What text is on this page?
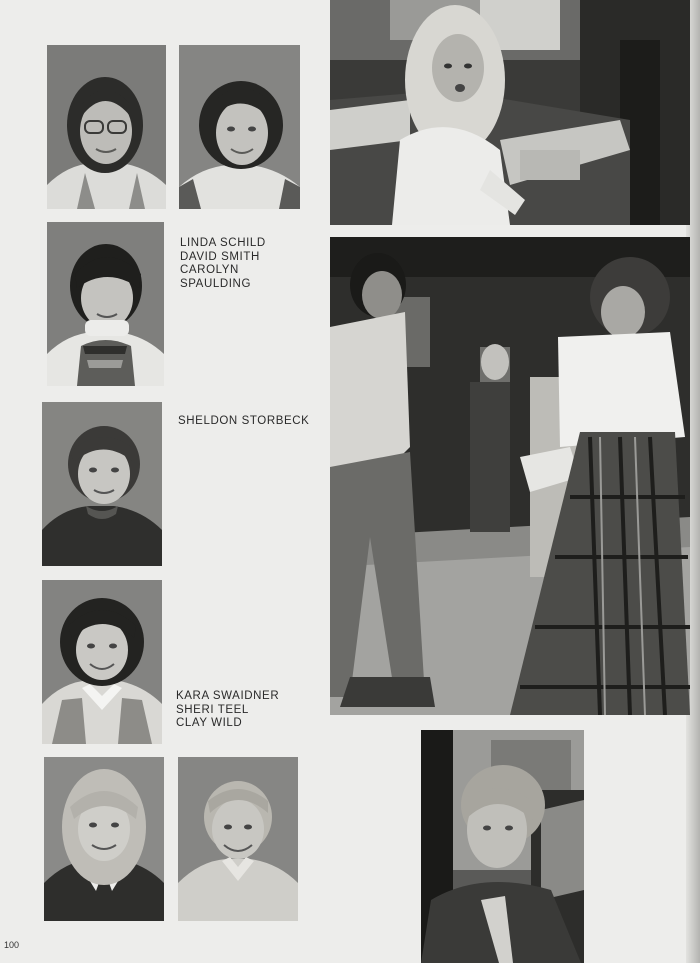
LINDA SCHILD
DAVID SMITH
CAROLYN
SPAULDING
SHELDON STORBECK
KARA SWAIDNER
SHERI TEEL
CLAY WILD
100
